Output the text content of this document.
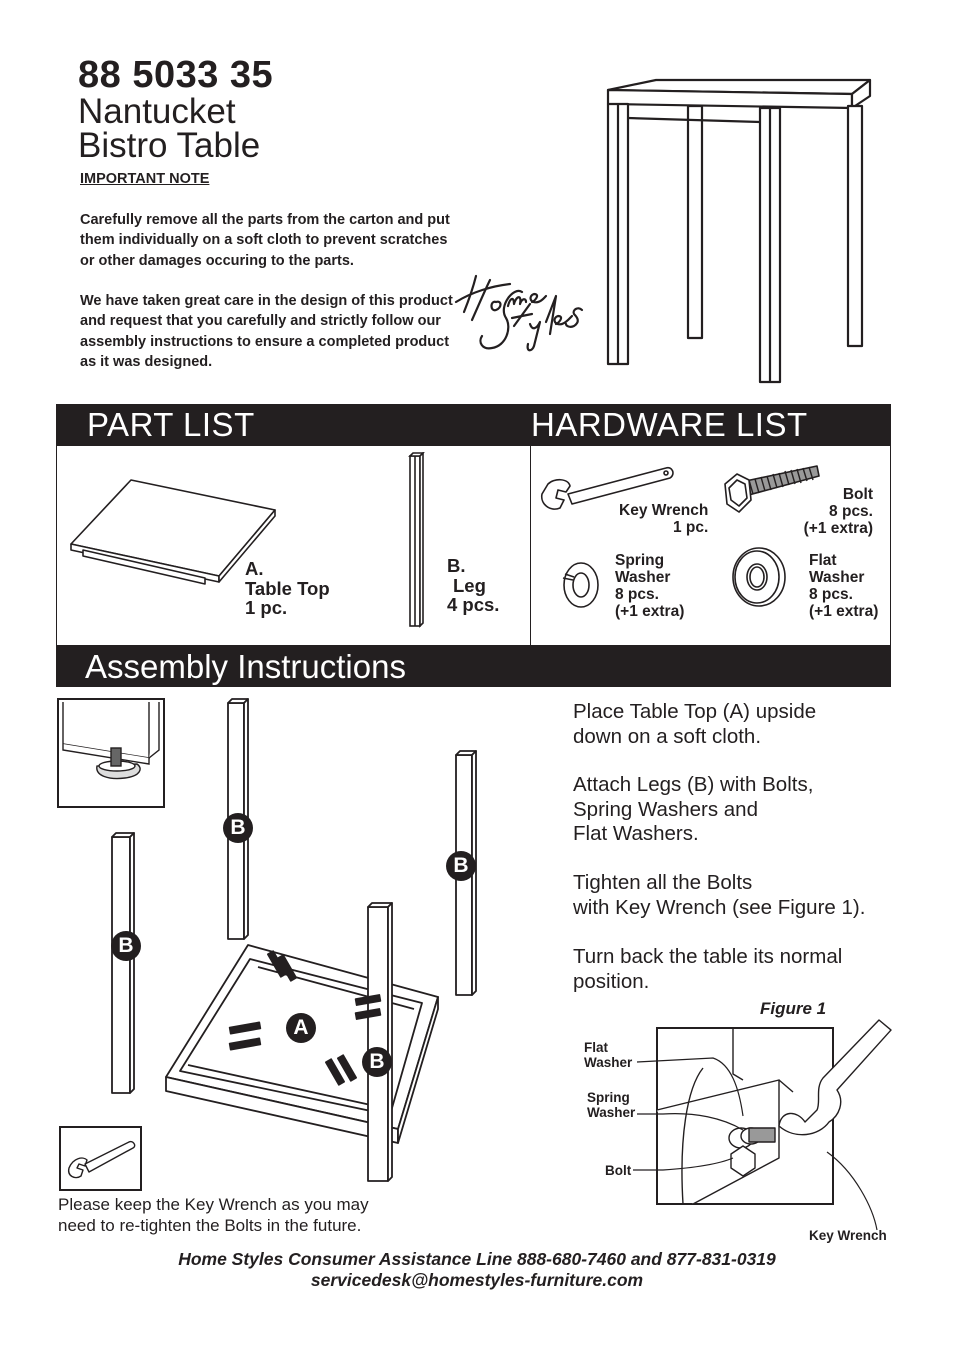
88 5033 35
Nantucket
Bistro Table
IMPORTANT NOTE
Carefully remove all the parts from the carton and put them individually on a soft cloth to prevent scratches or other damages occuring to the parts.
We have taken great care in the design of this product and request that you carefully and strictly follow our assembly instructions to ensure a completed product as it was designed.
PART LIST	HARDWARE LIST
A.
Table Top
1 pc.
B.
Leg
4 pcs.
Key Wrench
1 pc.
Bolt
8 pcs.
(+1 extra)
Spring
Washer
8 pcs.
(+1 extra)
Flat
Washer
8 pcs.
(+1 extra)
Assembly Instructions
B
B
B
A
B
Please keep the Key Wrench as you may
need to re-tighten the Bolts in the future.
Place Table Top (A) upside
down on a soft cloth.
Attach Legs (B) with Bolts,
Spring Washers and
Flat Washers.
Tighten all the Bolts
with Key Wrench (see Figure 1).
Turn back the table its normal
position.
Figure 1
Flat
Washer
Spring
Washer
Bolt
Key Wrench
Home Styles Consumer Assistance Line 888-680-7460 and 877-831-0319
servicedesk@homestyles-furniture.com
